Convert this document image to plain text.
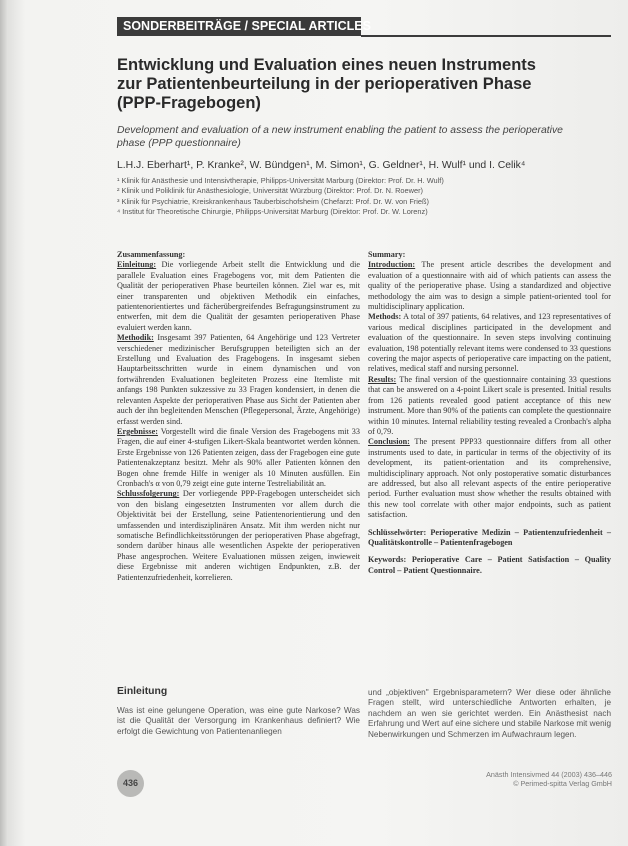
SONDERBEITRÄGE / SPECIAL ARTICLES
Entwicklung und Evaluation eines neuen Instruments
zur Patientenbeurteilung in der perioperativen Phase
(PPP-Fragebogen)
Development and evaluation of a new instrument enabling the patient to assess the perioperative
phase (PPP questionnaire)
L.H.J. Eberhart¹, P. Kranke², W. Bündgen¹, M. Simon¹, G. Geldner¹, H. Wulf¹ und I. Celik⁴
¹ Klinik für Anästhesie und Intensivtherapie, Philipps-Universität Marburg (Direktor: Prof. Dr. H. Wulf)
² Klinik und Poliklinik für Anästhesiologie, Universität Würzburg (Direktor: Prof. Dr. N. Roewer)
³ Klinik für Psychiatrie, Kreiskrankenhaus Tauberbischofsheim (Chefarzt: Prof. Dr. W. von Frieß)
⁴ Institut für Theoretische Chirurgie, Philipps-Universität Marburg (Direktor: Prof. Dr. W. Lorenz)

Zusammenfassung:

Einleitung: Die vorliegende Arbeit stellt die Entwicklung und die parallele Evaluation eines Fragebogens vor, mit dem Patienten die Qualität der perioperativen Phase beurteilen können. Ziel war es, mit einer transparenten und objektiven Methodik ein einfaches, patientenorientiertes und fächerübergreifendes Befragungsinstrument zu entwerfen, mit dem die Qualität der gesamten perioperativen Phase evaluiert werden kann.

Methodik: Insgesamt 397 Patienten, 64 Angehörige und 123 Vertreter verschiedener medizinischer Berufsgruppen beteiligten sich an der Erstellung und Evaluation des Fragebogens. In insgesamt sieben Hauptarbeitsschritten wurde in einem dynamischen und von fortwährenden Evaluationen begleiteten Prozess eine Itemliste mit anfangs 198 Punkten sukzessive zu 33 Fragen kondensiert, in denen die relevanten Aspekte der perioperativen Phase aus Sicht der Patienten aber auch der ihn begleitenden Menschen (Pflegepersonal, Ärzte, Angehörige) erfasst werden sind.

Ergebnisse: Vorgestellt wird die finale Version des Fragebogens mit 33 Fragen, die auf einer 4-stufigen Likert-Skala beantwortet werden können. Erste Ergebnisse von 126 Patienten zeigen, dass der Fragebogen eine gute Patientenakzeptanz besitzt. Mehr als 90% aller Patienten können den Bogen ohne fremde Hilfe in weniger als 10 Minuten ausfüllen. Ein Cronbach's α von 0,79 zeigt eine gute interne Testreliabilität an.

Schlussfolgerung: Der vorliegende PPP-Fragebogen unterscheidet sich von den bislang eingesetzten Instrumenten vor allem durch die Objektivität bei der Erstellung, seine Patientenorientierung und den umfassenden und interdisziplinären Ansatz. Mit ihm werden nicht nur somatische Befindlichkeitsstörungen der perioperativen Phase abgefragt, sondern darüber hinaus alle wesentlichen Aspekte der perioperativen Phase angesprochen. Weitere Evaluationen müssen zeigen, inwieweit diese Ergebnisse mit anderen wichtigen Endpunkten, z.B. der Patientenzufriedenheit, korrelieren.

Summary:

Introduction: The present article describes the development and evaluation of a questionnaire with aid of which patients can assess the quality of the perioperative phase. Using a standardized and objective methodology the aim was to design a simple patient-oriented tool for multidisciplinary application.

Methods: A total of 397 patients, 64 relatives, and 123 representatives of various medical disciplines participated in the development and evaluation of the questionnaire. In seven steps involving continuing evaluation, 198 potentially relevant items were condensed to 33 questions covering the major aspects of perioperative care impacting on the patient, relatives, medical staff and nursing personnel.

Results: The final version of the questionnaire containing 33 questions that can be answered on a 4-point Likert scale is presented. Initial results from 126 patients revealed good patient acceptance of this new instrument. More than 90% of the patients can complete the questionnaire within 10 minutes. Internal reliability testing revealed a Cronbach's alpha of 0,79.

Conclusion: The present PPP33 questionnaire differs from all other instruments used to date, in particular in terms of the objectivity of its development, its patient-orientation and its comprehensive, multidisciplinary approach. Not only postoperative somatic disturbances are addressed, but also all relevant aspects of the entire perioperative period. Further evaluation must show whether the results obtained with this new tool correlate with other major endpoints, such as patient satisfaction.

Schlüsselwörter: Perioperative Medizin – Patientenzufriedenheit – Qualitätskontrolle – Patientenfragebogen

Keywords: Perioperative Care – Patient Satisfaction – Quality Control – Patient Questionnaire.

Einleitung
Was ist eine gelungene Operation, was eine gute Narkose? Was ist die Qualität der Versorgung im Krankenhaus definiert? Wie erfolgt die Gewichtung von Patientenanliegen
und „objektiven" Ergebnisparametern? Wer diese oder ähnliche Fragen stellt, wird unterschiedliche Antworten erhalten, je nachdem an wen sie gerichtet werden. Ein Anästhesist nach Erfahrung und Wert auf eine sichere und stabile Narkose mit wenig Nebenwirkungen und Schmerzen im Aufwachraum legen.
436
Anästh Intensivmed 44 (2003) 436–446
© Perimed-spitta Verlag GmbH
